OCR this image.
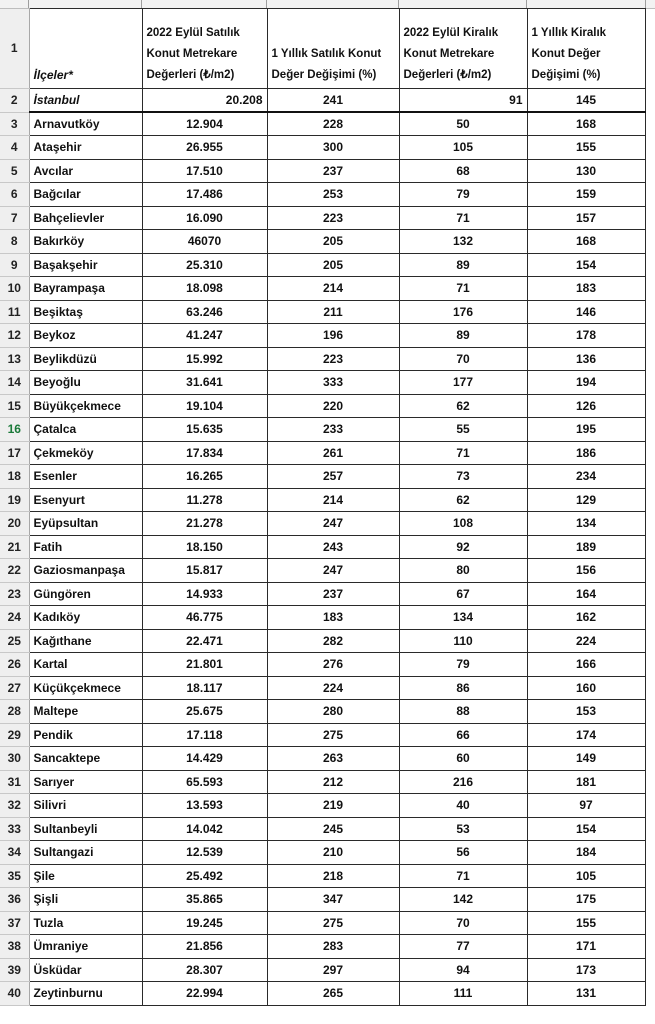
1	İlçeler*	2022 Eylül Satılık Konut Metrekare Değerleri (₺/m2)	1 Yıllık Satılık Konut Değer Değişimi (%)	2022 Eylül Kiralık Konut Metrekare Değerleri (₺/m2)	1 Yıllık Kiralık Konut Değer Değişimi (%)	
2	İstanbul	20.208	241	91	145	
3	Arnavutköy	12.904	228	50	168	
4	Ataşehir	26.955	300	105	155	
5	Avcılar	17.510	237	68	130	
6	Bağcılar	17.486	253	79	159	
7	Bahçelievler	16.090	223	71	157	
8	Bakırköy	46070	205	132	168	
9	Başakşehir	25.310	205	89	154	
10	Bayrampaşa	18.098	214	71	183	
11	Beşiktaş	63.246	211	176	146	
12	Beykoz	41.247	196	89	178	
13	Beylikdüzü	15.992	223	70	136	
14	Beyoğlu	31.641	333	177	194	
15	Büyükçekmece	19.104	220	62	126	
16	Çatalca	15.635	233	55	195	
17	Çekmeköy	17.834	261	71	186	
18	Esenler	16.265	257	73	234	
19	Esenyurt	11.278	214	62	129	
20	Eyüpsultan	21.278	247	108	134	
21	Fatih	18.150	243	92	189	
22	Gaziosmanpaşa	15.817	247	80	156	
23	Güngören	14.933	237	67	164	
24	Kadıköy	46.775	183	134	162	
25	Kağıthane	22.471	282	110	224	
26	Kartal	21.801	276	79	166	
27	Küçükçekmece	18.117	224	86	160	
28	Maltepe	25.675	280	88	153	
29	Pendik	17.118	275	66	174	
30	Sancaktepe	14.429	263	60	149	
31	Sarıyer	65.593	212	216	181	
32	Silivri	13.593	219	40	97	
33	Sultanbeyli	14.042	245	53	154	
34	Sultangazi	12.539	210	56	184	
35	Şile	25.492	218	71	105	
36	Şişli	35.865	347	142	175	
37	Tuzla	19.245	275	70	155	
38	Ümraniye	21.856	283	77	171	
39	Üsküdar	28.307	297	94	173	
40	Zeytinburnu	22.994	265	111	131	
